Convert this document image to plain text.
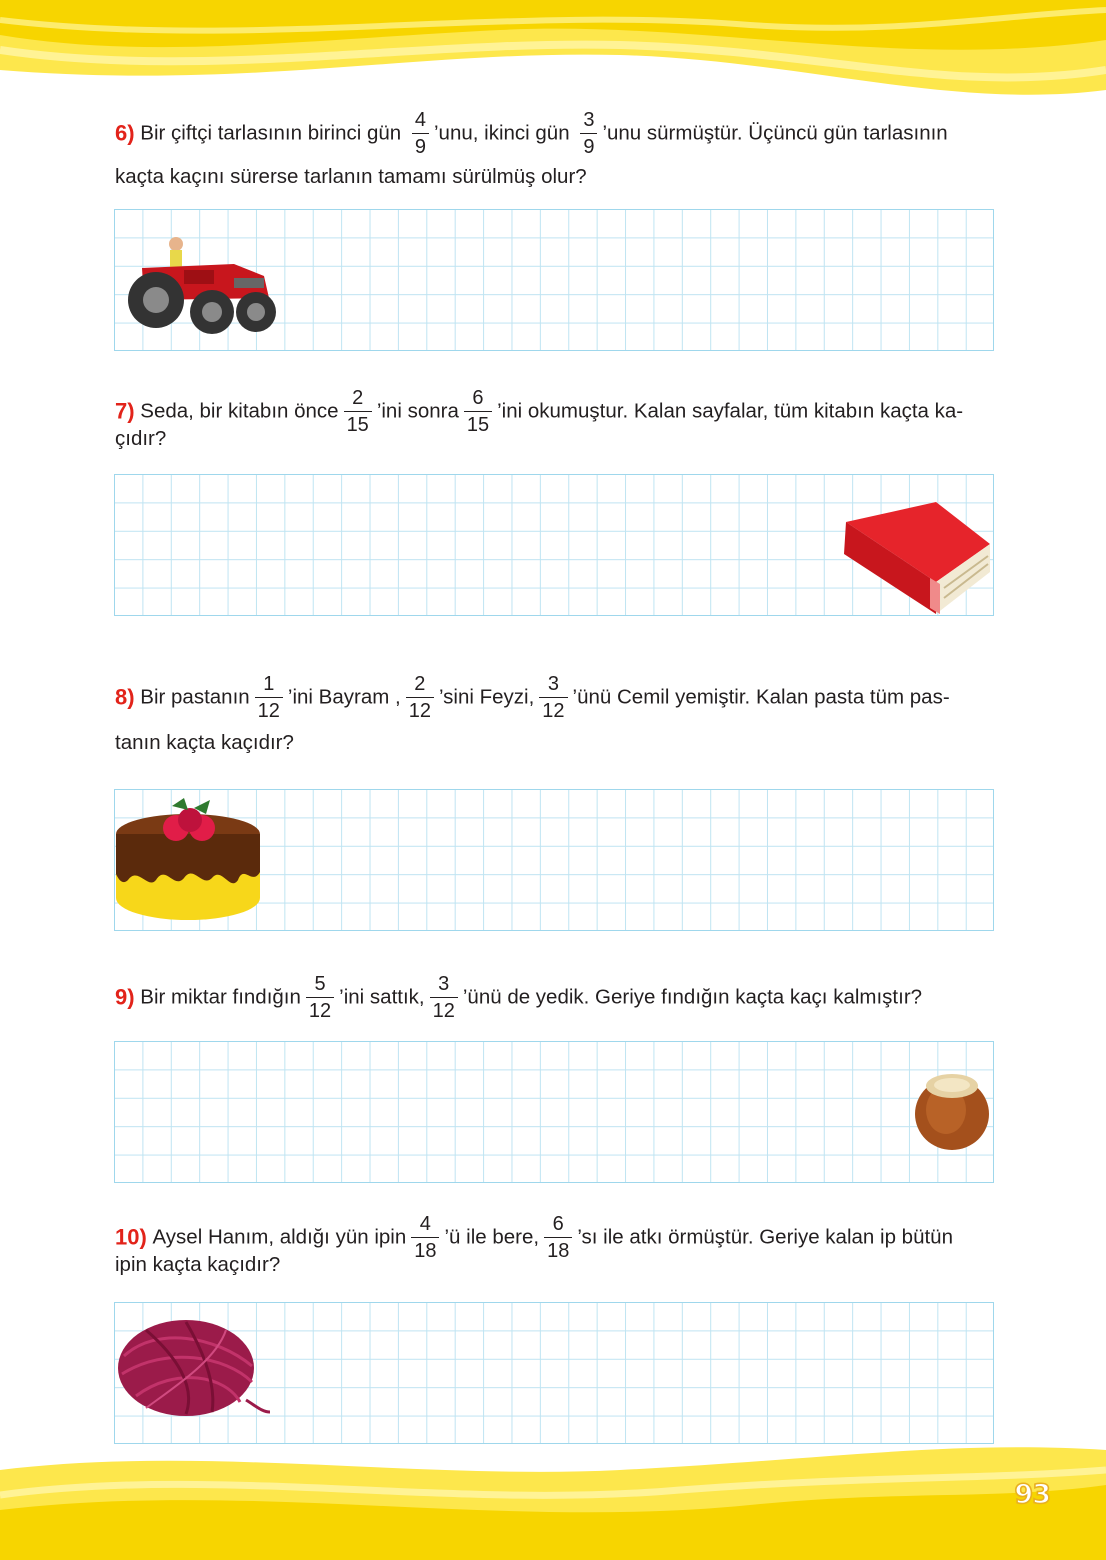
6) Bir çiftçi tarlasının birinci gün $\frac{4}{9}$ ’unu, ikinci gün $\frac{3}{9}$ ’unu sürmüştür. Üçüncü gün tarlasının
kaçta kaçını sürerse tarlanın tamamı sürülmüş olur?
7) Seda, bir kitabın önce $\frac{2}{15}$ ’ini sonra $\frac{6}{15}$ ’ini okumuştur. Kalan sayfalar, tüm kitabın kaçta ka-
çıdır?
8) Bir pastanın $\frac{1}{12}$ ’ini Bayram , $\frac{2}{12}$ ’sini Feyzi, $\frac{3}{12}$ ’ünü Cemil yemiştir. Kalan pasta tüm pas-
tanın kaçta kaçıdır?
9) Bir miktar fındığın $\frac{5}{12}$ ’ini sattık, $\frac{3}{12}$ ’ünü de yedik. Geriye fındığın kaçta kaçı kalmıştır?
10) Aysel Hanım, aldığı yün ipin $\frac{4}{18}$ ’ü ile bere, $\frac{6}{18}$ ’sı ile atkı örmüştür. Geriye kalan ip bütün
ipin kaçta kaçıdır?
93
